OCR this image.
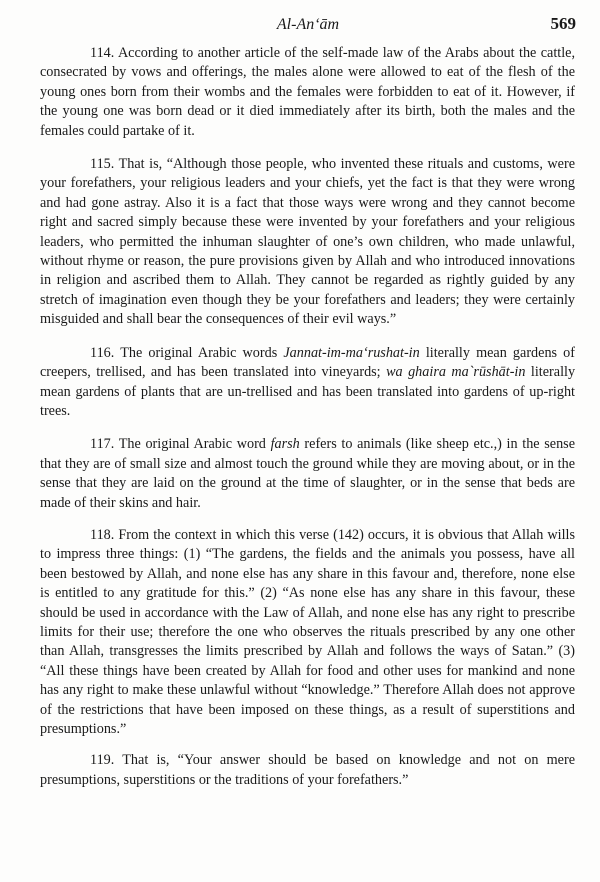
Al-An‘ām	569

114. According to another article of the self-made law of the Arabs about the cattle, consecrated by vows and offerings, the males alone were allowed to eat of the flesh of the young ones born from their wombs and the females were forbidden to eat of it. However, if the young one was born dead or it died immediately after its birth, both the males and the females could partake of it.

115. That is, “Although those people, who invented these rituals and customs, were your forefathers, your religious leaders and your chiefs, yet the fact is that they were wrong and had gone astray. Also it is a fact that those ways were wrong and they cannot become right and sacred simply because these were invented by your forefathers and your religious leaders, who permitted the inhuman slaughter of one’s own children, who made unlawful, without rhyme or reason, the pure provisions given by Allah and who introduced innovations in religion and ascribed them to Allah. They cannot be regarded as rightly guided by any stretch of imagination even though they be your forefathers and leaders; they were certainly misguided and shall bear the consequences of their evil ways.”

116. The original Arabic words Jannat-im-ma‘rushat-in literally mean gardens of creepers, trellised, and has been translated into vineyards; wa ghaira ma`rūshāt-in literally mean gardens of plants that are un-trellised and has been translated into gardens of up-right trees.

117. The original Arabic word farsh refers to animals (like sheep etc.,) in the sense that they are of small size and almost touch the ground while they are moving about, or in the sense that they are laid on the ground at the time of slaughter, or in the sense that beds are made of their skins and hair.

118. From the context in which this verse (142) occurs, it is obvious that Allah wills to impress three things: (1) “The gardens, the fields and the animals you possess, have all been bestowed by Allah, and none else has any share in this favour and, therefore, none else is entitled to any gratitude for this.” (2) “As none else has any share in this favour, these should be used in accordance with the Law of Allah, and none else has any right to prescribe limits for their use; therefore the one who observes the rituals prescribed by any one other than Allah, transgresses the limits prescribed by Allah and follows the ways of Satan.” (3) “All these things have been created by Allah for food and other uses for mankind and none has any right to make these unlawful without “knowledge.” Therefore Allah does not approve of the restrictions that have been imposed on these things, as a result of superstitions and presumptions.”

119. That is, “Your answer should be based on knowledge and not on mere presumptions, superstitions or the traditions of your forefathers.”
